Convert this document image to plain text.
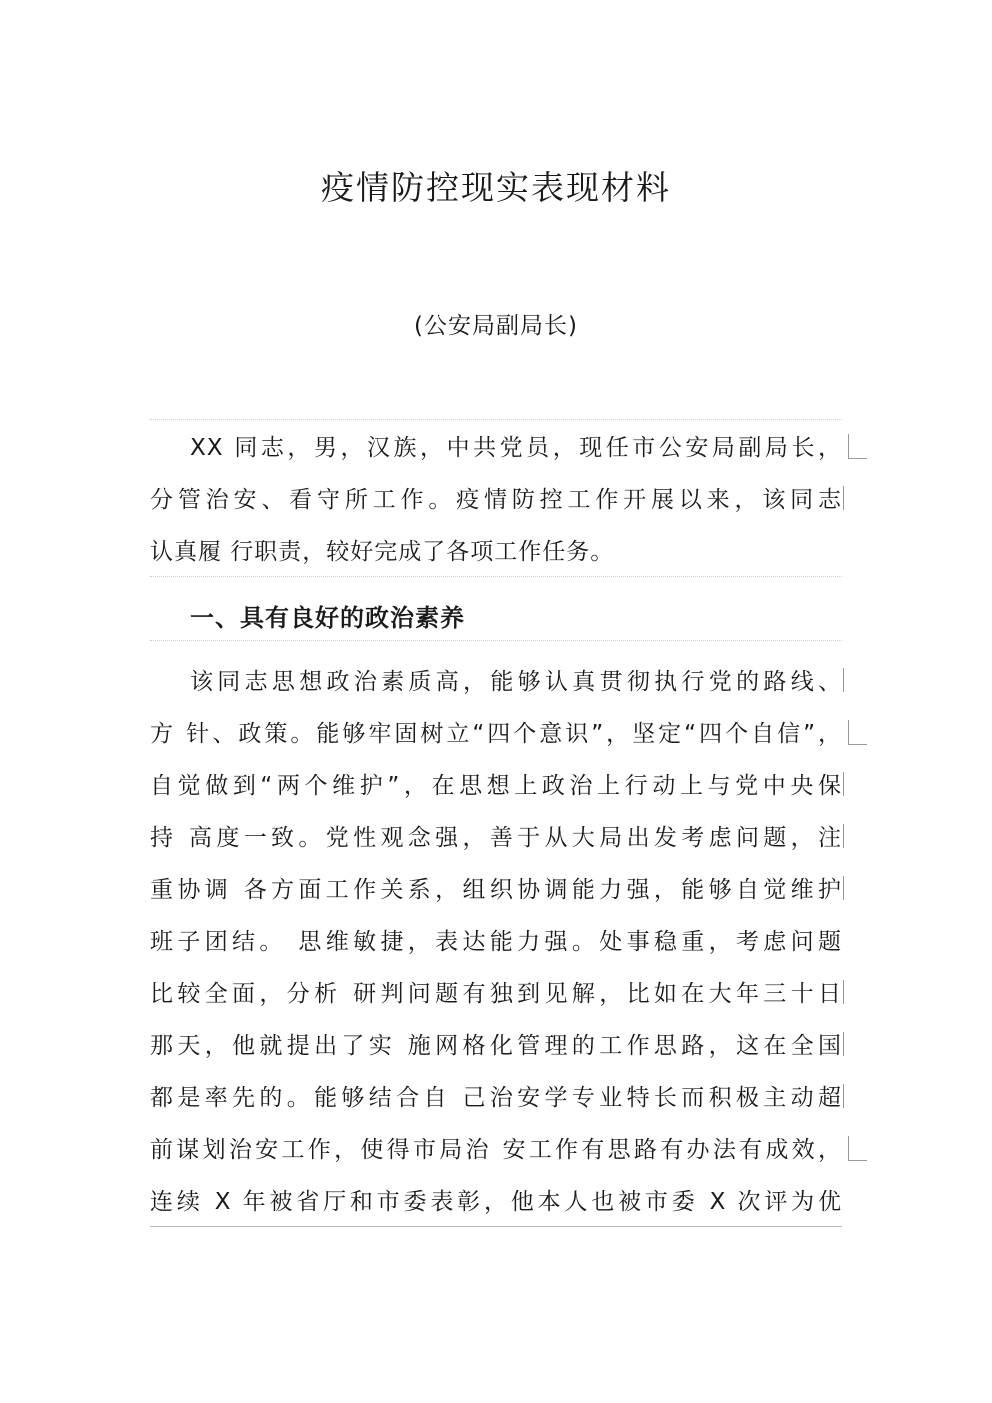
疫情防控现实表现材料
(公安局副局长)
XX 同志，男，汉族，中共党员，现任市公安局副局长，
分管治安、看守所工作。疫情防控工作开展以来，该同志
认真履 行职责，较好完成了各项工作任务。
一、具有良好的政治素养
该同志思想政治素质高，能够认真贯彻执行党的路线、
方 针、政策。能够牢固树立“四个意识”，坚定“四个自信”，
自觉做到“两个维护”，在思想上政治上行动上与党中央保
持 高度一致。党性观念强，善于从大局出发考虑问题，注
重协调 各方面工作关系，组织协调能力强，能够自觉维护
班子团结。 思维敏捷，表达能力强。处事稳重，考虑问题
比较全面，分析 研判问题有独到见解，比如在大年三十日
那天，他就提出了实 施网格化管理的工作思路，这在全国
都是率先的。能够结合自 己治安学专业特长而积极主动超
前谋划治安工作，使得市局治 安工作有思路有办法有成效，
连续 X 年被省厅和市委表彰，他本人也被市委 X 次评为优
